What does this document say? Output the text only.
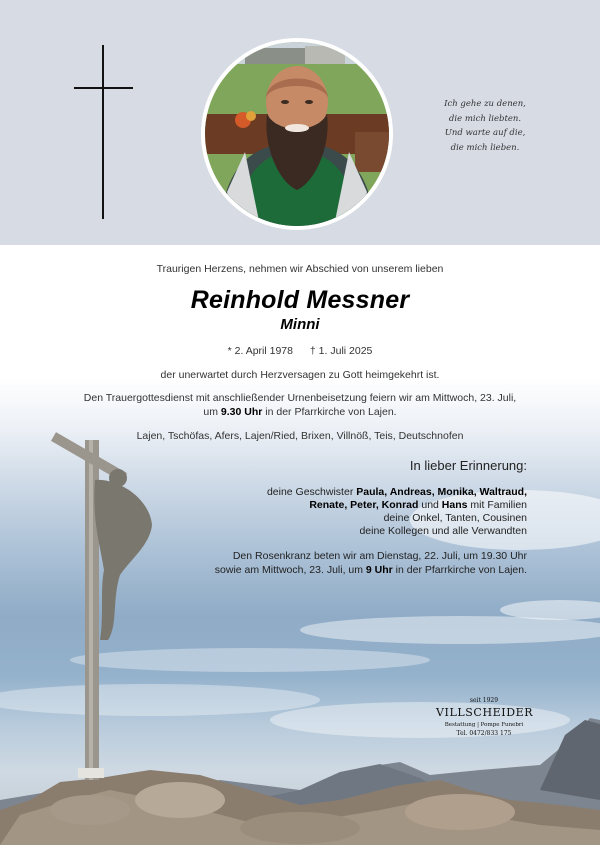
Ich gehe zu denen,
die mich liebten.
Und warte auf die,
die mich lieben.
Traurigen Herzens, nehmen wir Abschied von unserem lieben
Reinhold Messner
Minni
* 2. April 1978 † 1. Juli 2025
der unerwartet durch Herzversagen zu Gott heimgekehrt ist.
Den Trauergottesdienst mit anschließender Urnenbeisetzung feiern wir am Mittwoch, 23. Juli,
um 9.30 Uhr in der Pfarrkirche von Lajen.
Lajen, Tschöfas, Afers, Lajen/Ried, Brixen, Villnöß, Teis, Deutschnofen
In lieber Erinnerung:
deine Geschwister Paula, Andreas, Monika, Waltraud,
Renate, Peter, Konrad und Hans mit Familien
deine Onkel, Tanten, Cousinen
deine Kollegen und alle Verwandten
Den Rosenkranz beten wir am Dienstag, 22. Juli, um 19.30 Uhr
sowie am Mittwoch, 23. Juli, um 9 Uhr in der Pfarrkirche von Lajen.
seit 1929
VILLSCHEIDER
Bestattung | Pompe Funebri
Tel. 0472/833 175
